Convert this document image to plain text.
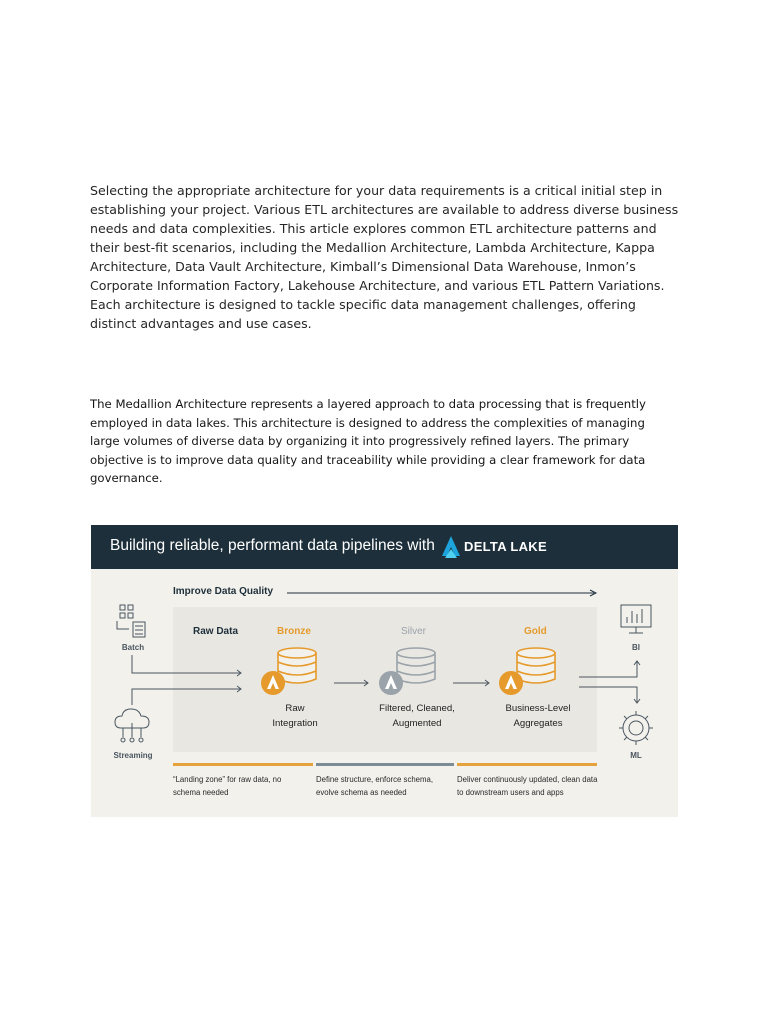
Selecting the appropriate architecture for your data requirements is a critical initial step in establishing your project. Various ETL architectures are available to address diverse business needs and data complexities. This article explores common ETL architecture patterns and their best-fit scenarios, including the Medallion Architecture, Lambda Architecture, Kappa Architecture, Data Vault Architecture, Kimball’s Dimensional Data Warehouse, Inmon’s Corporate Information Factory, Lakehouse Architecture, and various ETL Pattern Variations. Each architecture is designed to tackle specific data management challenges, offering distinct advantages and use cases.

The Medallion Architecture represents a layered approach to data processing that is frequently employed in data lakes. This architecture is designed to address the complexities of managing large volumes of diverse data by organizing it into progressively refined layers. The primary objective is to improve data quality and traceability while providing a clear framework for data governance.

Building reliable, performant data pipelines with DELTA LAKE
Improve Data Quality
Raw Data	Bronze	Silver	Gold
Raw
Integration
Filtered, Cleaned,
Augmented
Business-Level
Aggregates
Batch
Streaming
BI
ML
“Landing zone” for raw data, no schema needed
Define structure, enforce schema, evolve schema as needed
Deliver continuously updated, clean data to downstream users and apps
